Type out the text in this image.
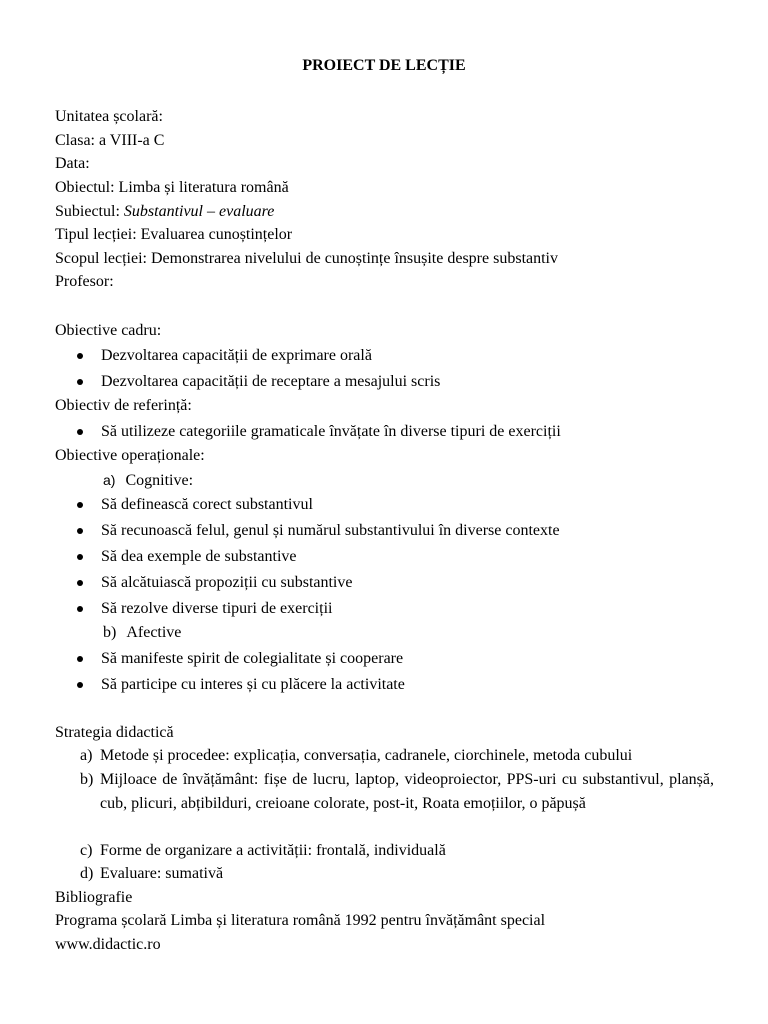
PROIECT DE LECȚIE
Unitatea școlară:
Clasa: a VIII-a C
Data:
Obiectul: Limba și literatura română
Subiectul: Substantivul – evaluare
Tipul lecției: Evaluarea cunoștințelor
Scopul lecției: Demonstrarea nivelului de cunoștințe însușite despre substantiv
Profesor:
Obiective cadru:
Dezvoltarea capacității de exprimare orală
Dezvoltarea capacității de receptare a mesajului scris
Obiectiv de referință:
Să utilizeze categoriile gramaticale învățate în diverse tipuri de exerciții
Obiective operaționale:
a) Cognitive:
Să definească corect substantivul
Să recunoască felul, genul și numărul substantivului în diverse contexte
Să dea exemple de substantive
Să alcătuiască propoziții cu substantive
Să rezolve diverse tipuri de exerciții
b) Afective
Să manifeste spirit de colegialitate și cooperare
Să participe cu interes și cu plăcere la activitate
Strategia didactică
a) Metode și procedee: explicația, conversația, cadranele, ciorchinele, metoda cubului
b) Mijloace de învățământ: fișe de lucru, laptop, videoproiector, PPS-uri cu substantivul, planșă, cub, plicuri, abțibilduri, creioane colorate, post-it, Roata emoțiilor, o păpușă
c) Forme de organizare a activității: frontală, individuală
d) Evaluare: sumativă
Bibliografie
Programa școlară Limba și literatura română 1992 pentru învățământ special
www.didactic.ro
